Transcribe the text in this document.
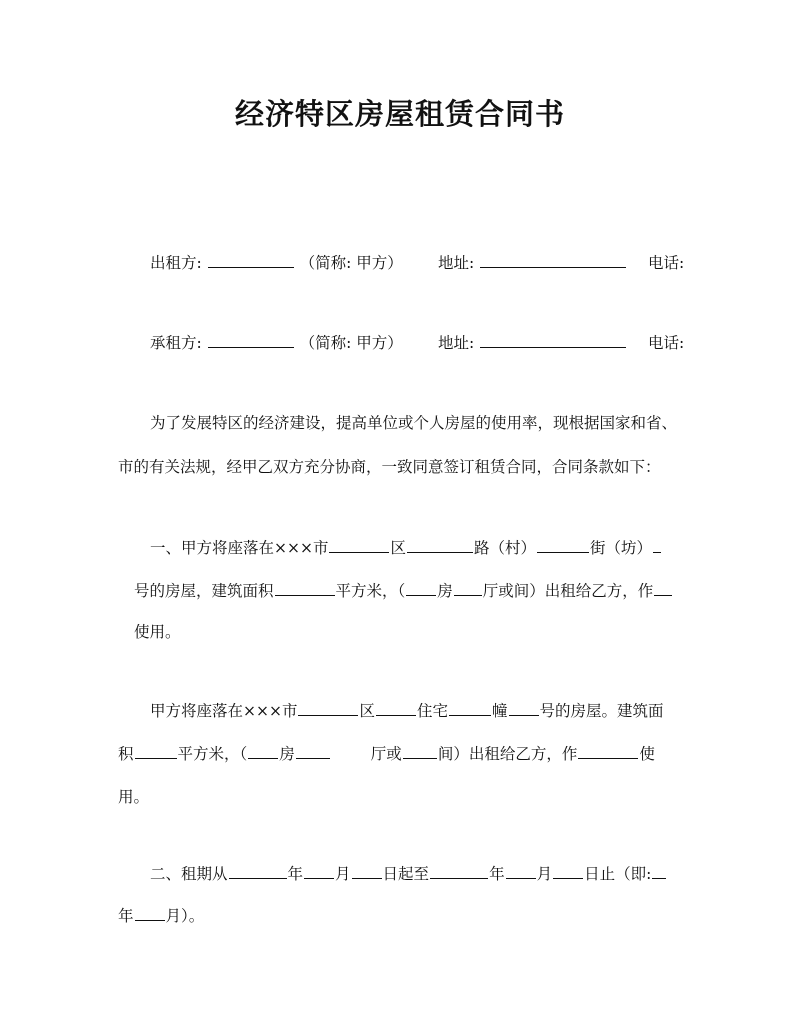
经济特区房屋租赁合同书
出租方:	（简称: 甲方） 地址:	电话:
承租方:	（简称: 甲方） 地址:	电话:
为了发展特区的经济建设，提高单位或个人房屋的使用率，现根据国家和省、
市的有关法规，经甲乙双方充分协商，一致同意签订租赁合同，合同条款如下：
一、甲方将座落在×××市	区	路（村）	街（坊）
号的房屋，建筑面积	平方米，（ 房 厅或间）出租给乙方，作
使用。
甲方将座落在×××市	区	住宅	幢 号的房屋。建筑面
积	平方米，（ 房	厅或 间）出租给乙方，作	使
用。
二、租期从	年 月 日起至	年 月 日止（即:
年 月）。
